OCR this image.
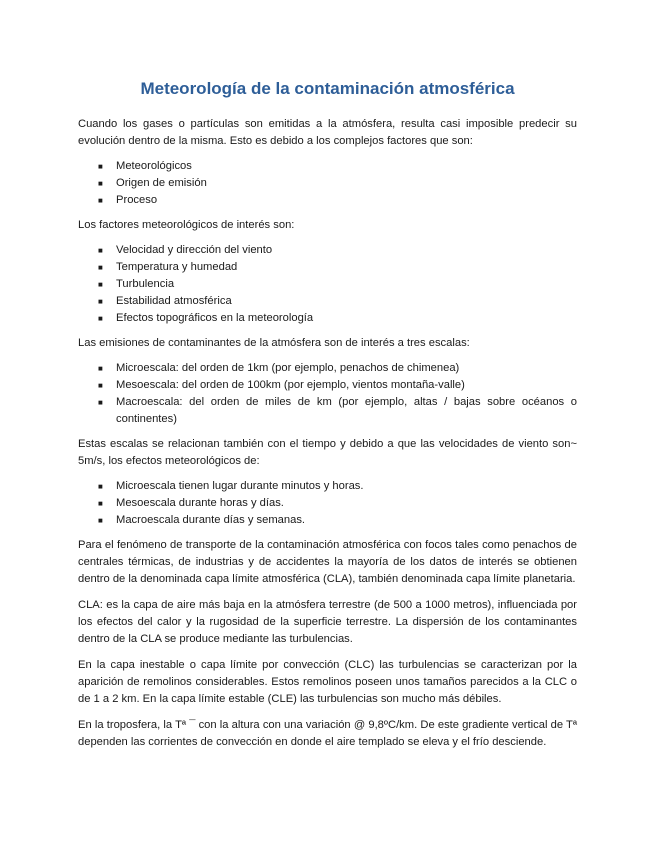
Meteorología de la contaminación atmosférica

Cuando los gases o partículas son emitidas a la atmósfera, resulta casi imposible predecir su evolución dentro de la misma. Esto es debido a los complejos factores que son:

■ Meteorológicos
■ Origen de emisión
■ Proceso

Los factores meteorológicos de interés son:

■ Velocidad y dirección del viento
■ Temperatura y humedad
■ Turbulencia
■ Estabilidad atmosférica
■ Efectos topográficos en la meteorología

Las emisiones de contaminantes de la atmósfera son de interés a tres escalas:

■ Microescala: del orden de 1km (por ejemplo, penachos de chimenea)
■ Mesoescala: del orden de 100km (por ejemplo, vientos montaña-valle)
■ Macroescala: del orden de miles de km (por ejemplo, altas / bajas sobre océanos o continentes)

Estas escalas se relacionan también con el tiempo y debido a que las velocidades de viento son~ 5m/s, los efectos meteorológicos de:

■ Microescala tienen lugar durante minutos y horas.
■ Mesoescala durante horas y días.
■ Macroescala durante días y semanas.

Para el fenómeno de transporte de la contaminación atmosférica con focos tales como penachos de centrales térmicas, de industrias y de accidentes la mayoría de los datos de interés se obtienen dentro de la denominada capa límite atmosférica (CLA), también denominada capa límite planetaria.

CLA: es la capa de aire más baja en la atmósfera terrestre (de 500 a 1000 metros), influenciada por los efectos del calor y la rugosidad de la superficie terrestre. La dispersión de los contaminantes dentro de la CLA se produce mediante las turbulencias.

En la capa inestable o capa límite por convección (CLC) las turbulencias se caracterizan por la aparición de remolinos considerables. Estos remolinos poseen unos tamaños parecidos a la CLC o de 1 a 2 km. En la capa límite estable (CLE) las turbulencias son mucho más débiles.

En la troposfera, la Tª ¯ con la altura con una variación @ 9,8ºC/km. De este gradiente vertical de Tª dependen las corrientes de convección en donde el aire templado se eleva y el frío desciende.
